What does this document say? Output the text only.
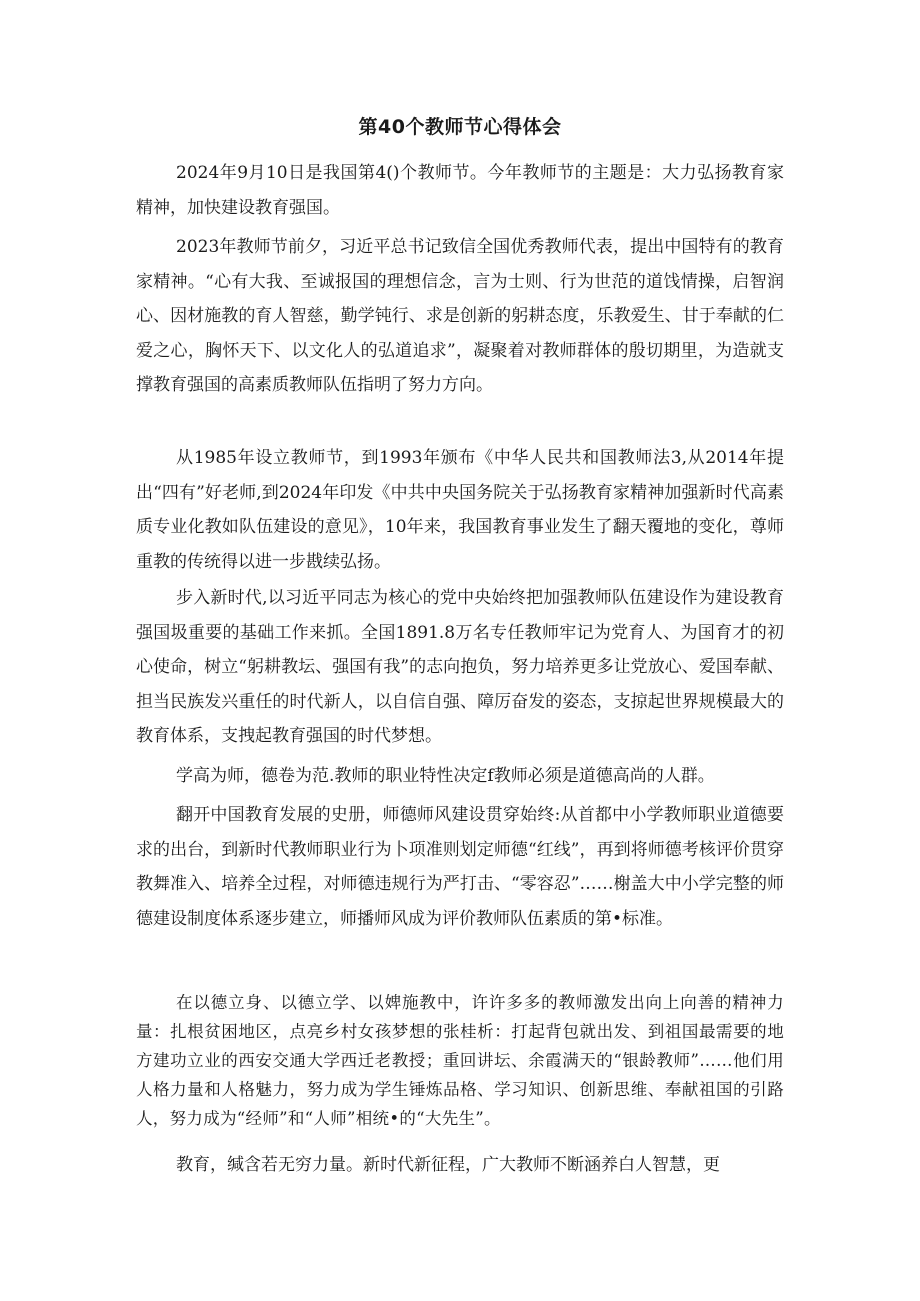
第40个教师节心得体会

2024年9月10日是我国第4()个教师节。今年教师节的主题是：大力弘扬教育家精神，加快建设教育强国。

2023年教师节前夕，习近平总书记致信全国优秀教师代表，提出中国特有的教育家精神。“心有大我、至诚报国的理想信念，言为士则、行为世范的道饯情操，启智润心、因材施教的育人智慈，勤学钝行、求是创新的躬耕态度，乐教爱生、甘于奉献的仁爱之心，胸怀天下、以文化人的弘道追求”，凝聚着对教师群体的殷切期里，为造就支撑教育强国的高素质教师队伍指明了努力方向。

从1985年设立教师节，到1993年颁布《中华人民共和国教师法3,从2014年提出“四有”好老师,到2024年印发《中共中央国务院关于弘扬教育家精神加强新时代高素质专业化教如队伍建设的意见》，10年来，我国教育事业发生了翻天覆地的变化，尊师重教的传统得以进一步戡续弘扬。

步入新时代,以习近平同志为核心的党中央始终把加强教师队伍建设作为建设教育强国圾重要的基础工作来抓。全国1891.8万名专任教师牢记为党育人、为国育才的初心使命，树立“躬耕教坛、强国有我”的志向抱负，努力培养更多让党放心、爱国奉献、担当民族发兴重任的时代新人，以自信自强、障厉奋发的姿态，支掠起世界规模最大的教育体系，支拽起教育强国的时代梦想。

学高为师，德卷为范.教师的职业特性决定f教师必须是道德高尚的人群。

翻开中国教育发展的史册，师德师风建设贯穿始终:从首都中小学教师职业道德要求的出台，到新时代教师职业行为卜项准则划定师德“红线”，再到将师德考核评价贯穿教舞准入、培养全过程，对师德违规行为严打击、“零容忍”……榭盖大中小学完整的师德建设制度体系逐步建立，师播师风成为评价教师队伍素质的第•标准。

在以德立身、以德立学、以婢施教中，许许多多的教师激发出向上向善的精神力量：扎根贫困地区，点亮乡村女孩梦想的张桂析：打起背包就出发、到祖国最需要的地方建功立业的西安交通大学西迁老教授；重回讲坛、余霞满天的“银龄教师”……他们用人格力量和人格魅力，努力成为学生锤炼品格、学习知识、创新思维、奉献祖国的引路人，努力成为“经师”和“人师”相统•的“大先生”。

教育，缄含若无穷力量。新时代新征程，广大教师不断涵养白人智慧，更
